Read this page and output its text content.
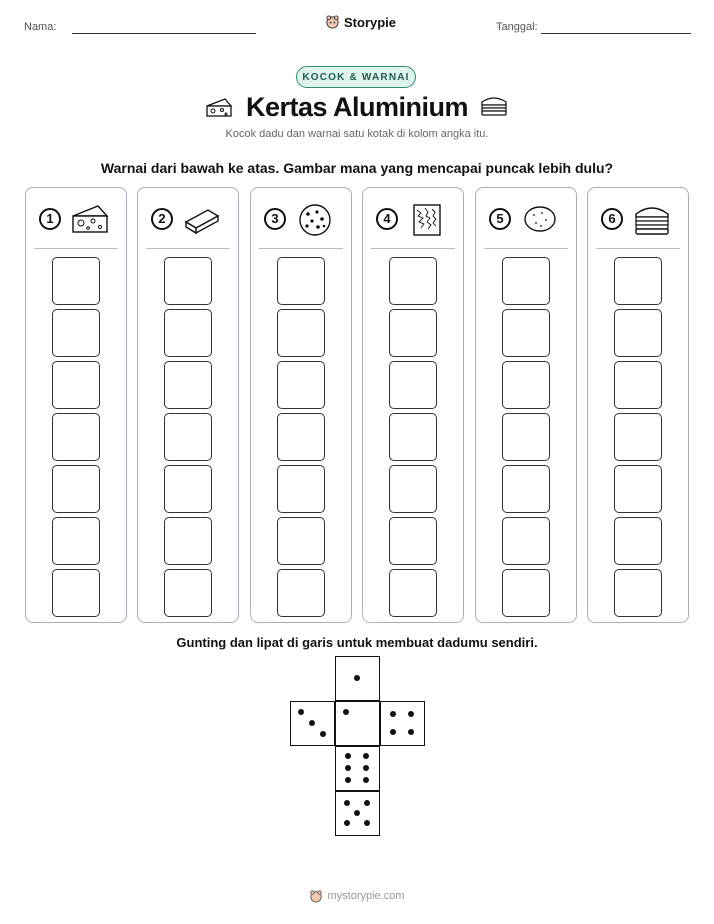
Nama:	Storypie	Tanggal:
KOCOK & WARNAI
Kertas Aluminium
Kocok dadu dan warnai satu kotak di kolom angka itu.
Warnai dari bawah ke atas. Gambar mana yang mencapai puncak lebih dulu?
1	2	3	4	5	6
Gunting dan lipat di garis untuk membuat dadumu sendiri.
mystorypie.com
